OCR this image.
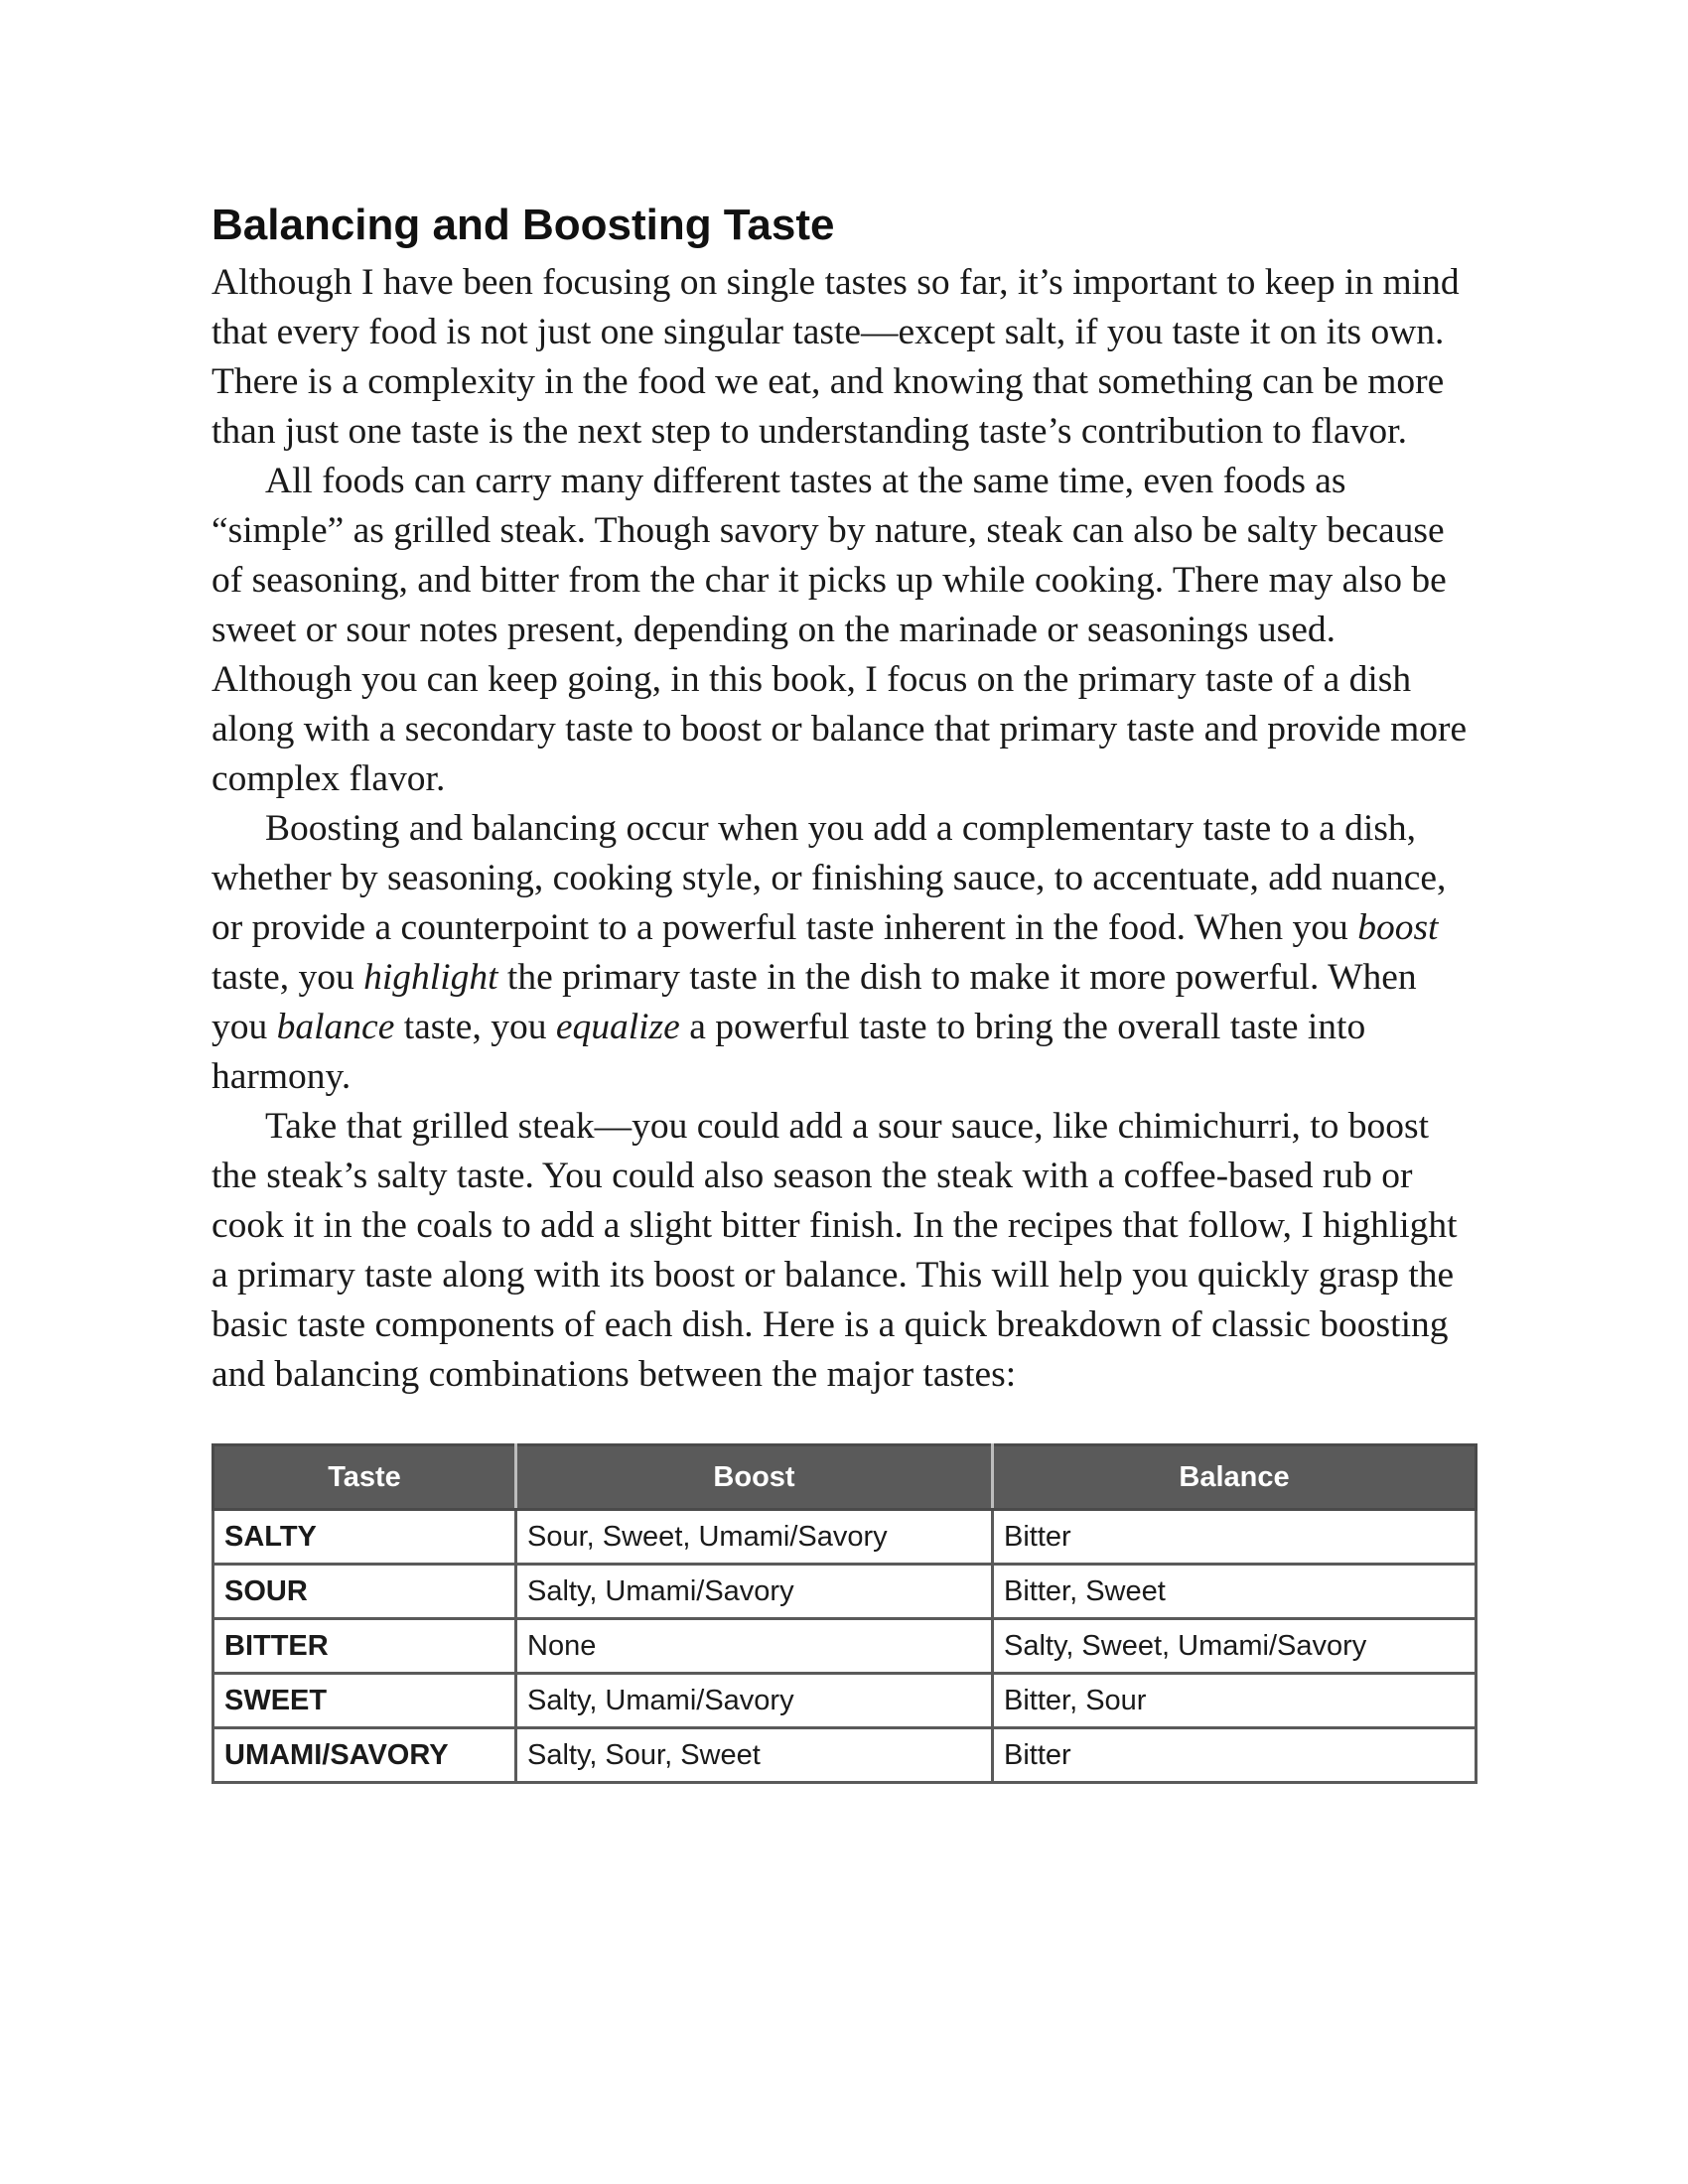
Balancing and Boosting Taste

Although I have been focusing on single tastes so far, it’s important to keep in mind that every food is not just one singular taste—except salt, if you taste it on its own. There is a complexity in the food we eat, and knowing that something can be more than just one taste is the next step to understanding taste’s contribution to flavor.

All foods can carry many different tastes at the same time, even foods as “simple” as grilled steak. Though savory by nature, steak can also be salty because of seasoning, and bitter from the char it picks up while cooking. There may also be sweet or sour notes present, depending on the marinade or seasonings used. Although you can keep going, in this book, I focus on the primary taste of a dish along with a secondary taste to boost or balance that primary taste and provide more complex flavor.

Boosting and balancing occur when you add a complementary taste to a dish, whether by seasoning, cooking style, or finishing sauce, to accentuate, add nuance, or provide a counterpoint to a powerful taste inherent in the food. When you boost taste, you highlight the primary taste in the dish to make it more powerful. When you balance taste, you equalize a powerful taste to bring the overall taste into harmony.

Take that grilled steak—you could add a sour sauce, like chimichurri, to boost the steak’s salty taste. You could also season the steak with a coffee-based rub or cook it in the coals to add a slight bitter finish. In the recipes that follow, I highlight a primary taste along with its boost or balance. This will help you quickly grasp the basic taste components of each dish. Here is a quick breakdown of classic boosting and balancing combinations between the major tastes:

Taste	Boost	Balance
SALTY	Sour, Sweet, Umami/Savory	Bitter
SOUR	Salty, Umami/Savory	Bitter, Sweet
BITTER	None	Salty, Sweet, Umami/Savory
SWEET	Salty, Umami/Savory	Bitter, Sour
UMAMI/SAVORY	Salty, Sour, Sweet	Bitter
